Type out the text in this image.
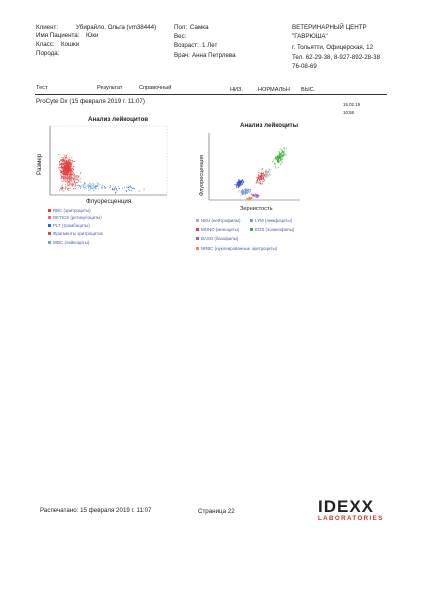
Клиент:	Убирайло, Ольга (vm38444)
Имя Пациента: Юки
Класс: Кошки
Порода:
Пол: Самка
Вес:
Возраст: 1 Лет
Врач: Анна Петрлева
ВЕТЕРИНАРНЫЙ ЦЕНТР
"ГАВРЮША"
г. Тольятти, Офицерская, 12
Тел. 62-29-38, 8-927-892-28-38
76-08-69
Тест	Результат	Справочный	НИЗ.	НОРМАЛЬН ВЫС.
ProCyte Dx (15 февраля 2019 г. 11:07)	15.02.19
10:58
Анализ лейкоцитов
Размер
Флуоресценция
RBC (эритроциты)
RETICS (ретикулоциты)
PLT (тромбоциты)
Фрагменты эритроцитов
WBC (лейкоциты)
Анализ лейкоциты
Флуоресценция
Зернистость
NEU (нейтрофилы)	LYM (лимфоциты)
MONO (моноциты)	EOS (эозинофилы)
BASO (базофилы)
NRBC (нуклеированные эритроциты)
Распечатано: 15 февраля 2019 г. 11:07	Страница 22	IDEXX
LABORATORIES
